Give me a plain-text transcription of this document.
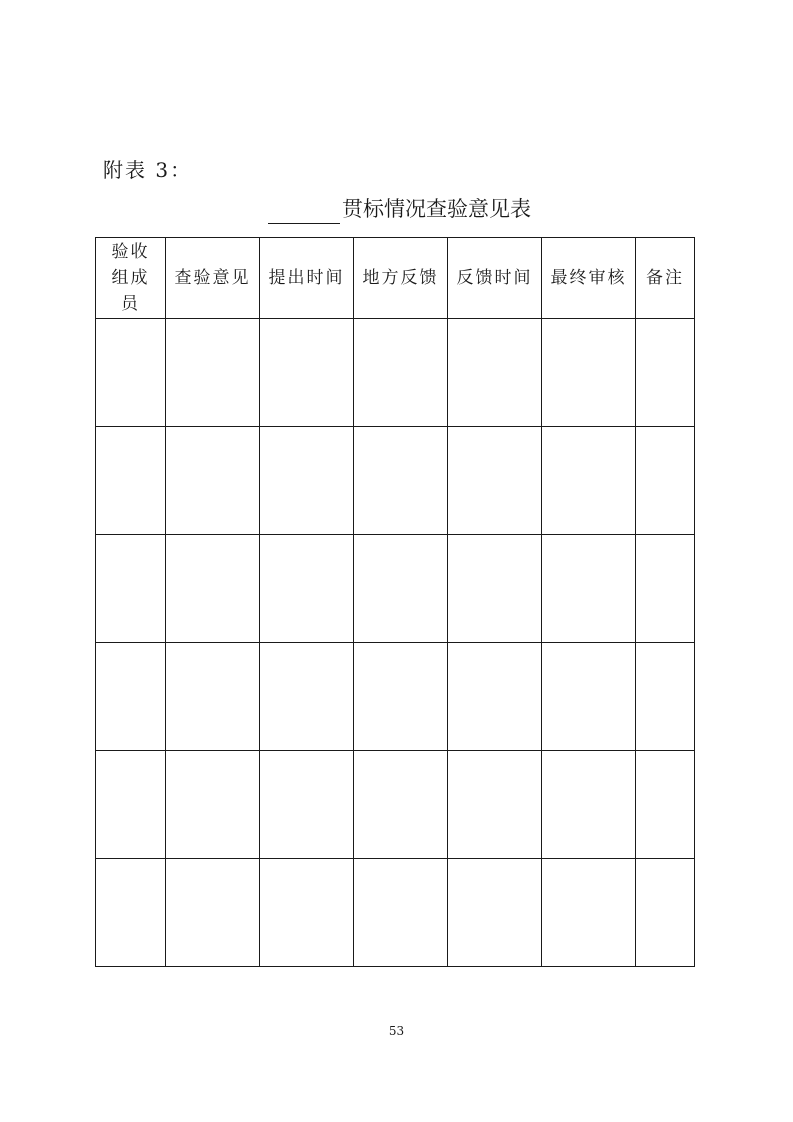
附表 3：
贯标情况查验意见表
验收组成员	查验意见	提出时间	地方反馈	反馈时间	最终审核	备注

53
